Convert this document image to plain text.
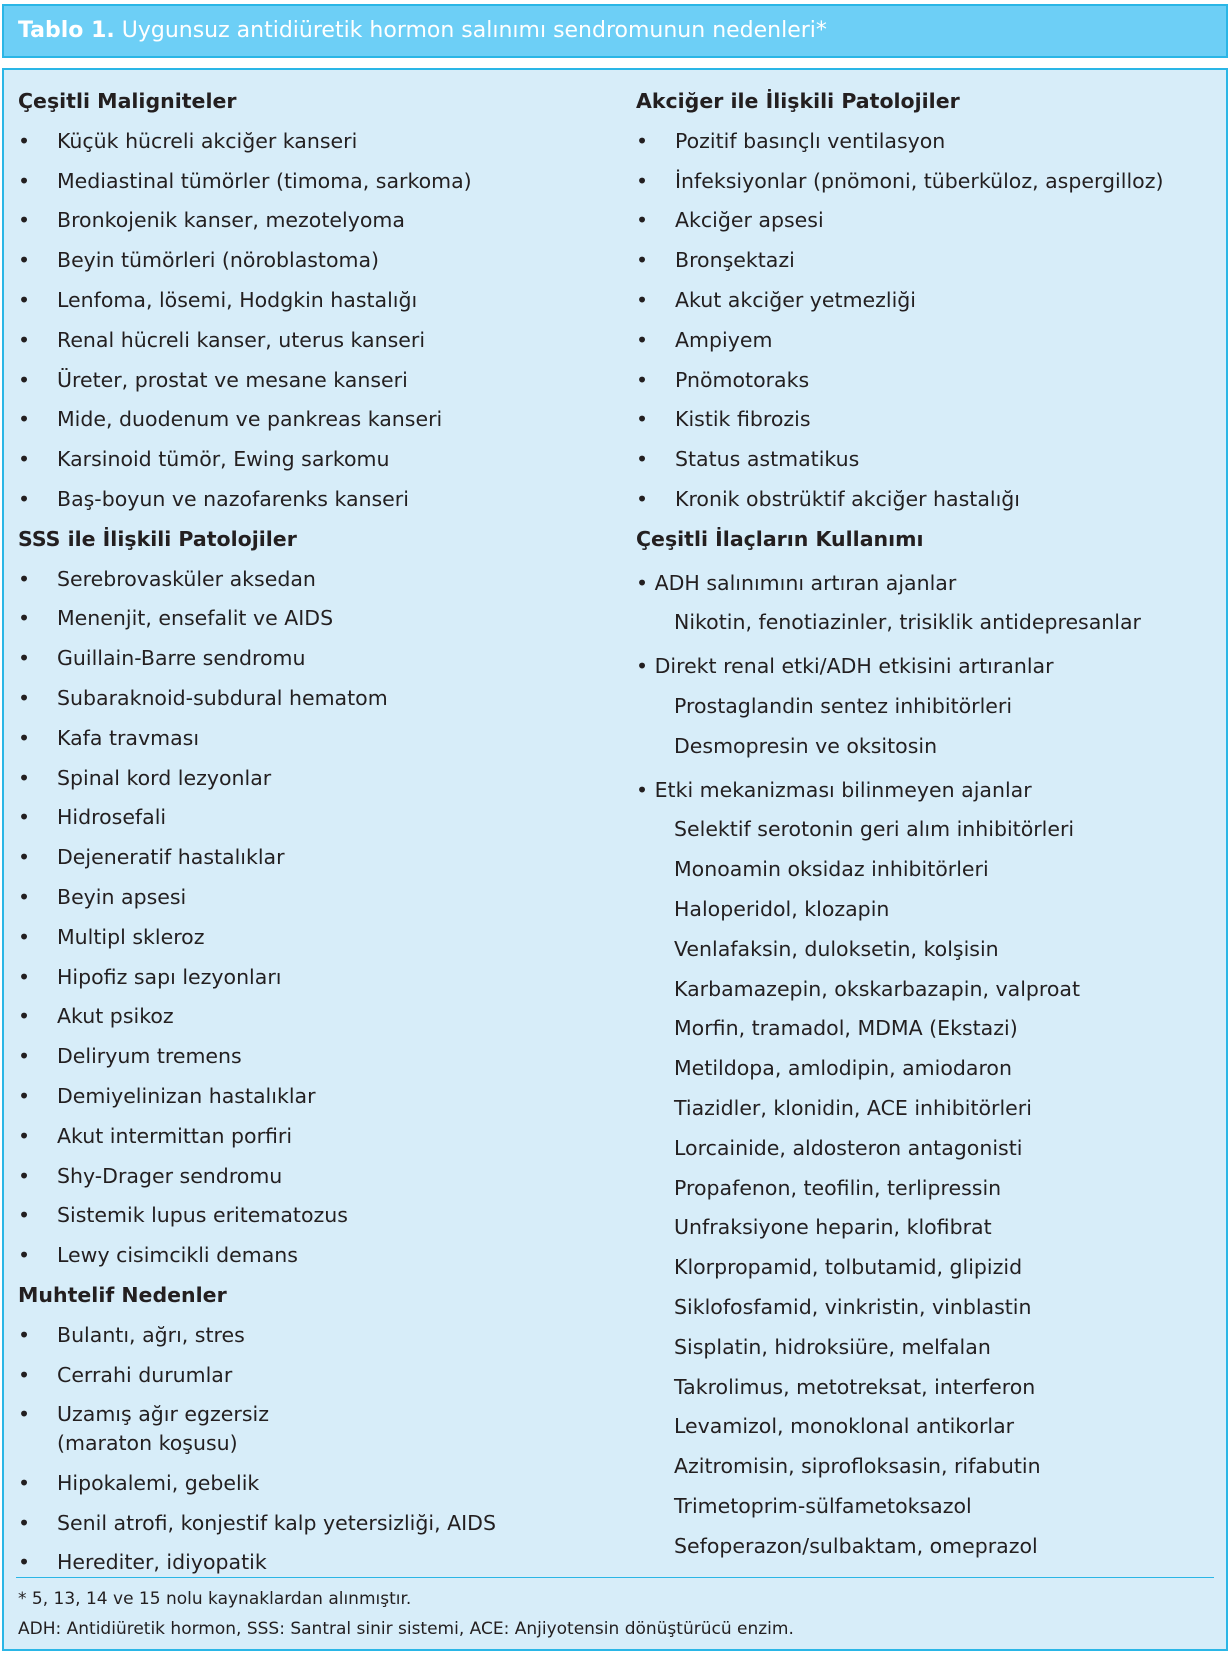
Tablo 1. Uygunsuz antidiüretik hormon salınımı sendromunun nedenleri*
Çeşitli Maligniteler
• Küçük hücreli akciğer kanseri
• Mediastinal tümörler (timoma, sarkoma)
• Bronkojenik kanser, mezotelyoma
• Beyin tümörleri (nöroblastoma)
• Lenfoma, lösemi, Hodgkin hastalığı
• Renal hücreli kanser, uterus kanseri
• Üreter, prostat ve mesane kanseri
• Mide, duodenum ve pankreas kanseri
• Karsinoid tümör, Ewing sarkomu
• Baş-boyun ve nazofarenks kanseri
SSS ile İlişkili Patolojiler
• Serebrovasküler aksedan
• Menenjit, ensefalit ve AIDS
• Guillain-Barre sendromu
• Subaraknoid-subdural hematom
• Kafa travması
• Spinal kord lezyonlar
• Hidrosefali
• Dejeneratif hastalıklar
• Beyin apsesi
• Multipl skleroz
• Hipofiz sapı lezyonları
• Akut psikoz
• Deliryum tremens
• Demiyelinizan hastalıklar
• Akut intermittan porfiri
• Shy-Drager sendromu
• Sistemik lupus eritematozus
• Lewy cisimcikli demans
Muhtelif Nedenler
• Bulantı, ağrı, stres
• Cerrahi durumlar
• Uzamış ağır egzersiz
(maraton koşusu)
• Hipokalemi, gebelik
• Senil atrofi, konjestif kalp yetersizliği, AIDS
• Herediter, idiyopatik
Akciğer ile İlişkili Patolojiler
• Pozitif basınçlı ventilasyon
• İnfeksiyonlar (pnömoni, tüberküloz, aspergilloz)
• Akciğer apsesi
• Bronşektazi
• Akut akciğer yetmezliği
• Ampiyem
• Pnömotoraks
• Kistik fibrozis
• Status astmatikus
• Kronik obstrüktif akciğer hastalığı
Çeşitli İlaçların Kullanımı
• ADH salınımını artıran ajanlar
Nikotin, fenotiazinler, trisiklik antidepresanlar
• Direkt renal etki/ADH etkisini artıranlar
Prostaglandin sentez inhibitörleri
Desmopresin ve oksitosin
• Etki mekanizması bilinmeyen ajanlar
Selektif serotonin geri alım inhibitörleri
Monoamin oksidaz inhibitörleri
Haloperidol, klozapin
Venlafaksin, duloksetin, kolşisin
Karbamazepin, okskarbazapin, valproat
Morfin, tramadol, MDMA (Ekstazi)
Metildopa, amlodipin, amiodaron
Tiazidler, klonidin, ACE inhibitörleri
Lorcainide, aldosteron antagonisti
Propafenon, teofilin, terlipressin
Unfraksiyone heparin, klofibrat
Klorpropamid, tolbutamid, glipizid
Siklofosfamid, vinkristin, vinblastin
Sisplatin, hidroksiüre, melfalan
Takrolimus, metotreksat, interferon
Levamizol, monoklonal antikorlar
Azitromisin, siprofloksasin, rifabutin
Trimetoprim-sülfametoksazol
Sefoperazon/sulbaktam, omeprazol
* 5, 13, 14 ve 15 nolu kaynaklardan alınmıştır.
ADH: Antidiüretik hormon, SSS: Santral sinir sistemi, ACE: Anjiyotensin dönüştürücü enzim.
